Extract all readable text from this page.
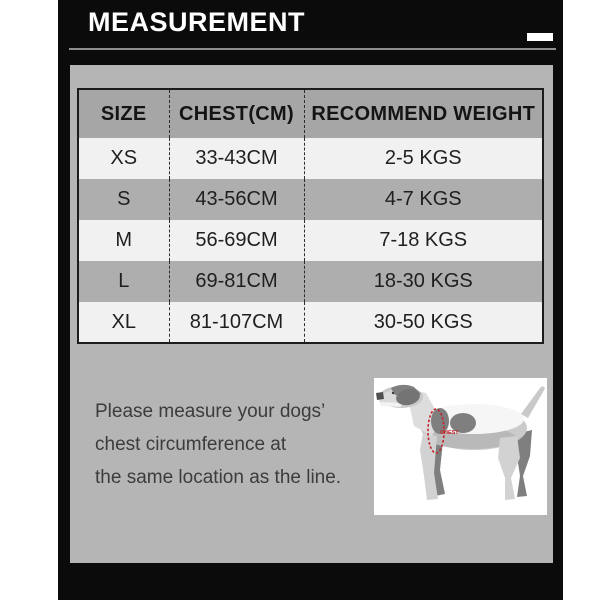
MEASUREMENT
SIZE	CHEST(CM)	RECOMMEND WEIGHT
XS	33-43CM	2-5 KGS
S	43-56CM	4-7 KGS
M	56-69CM	7-18 KGS
L	69-81CM	18-30 KGS
XL	81-107CM	30-50 KGS
Please measure your dogs’
chest circumference at
the same location as the line.
CHEST
